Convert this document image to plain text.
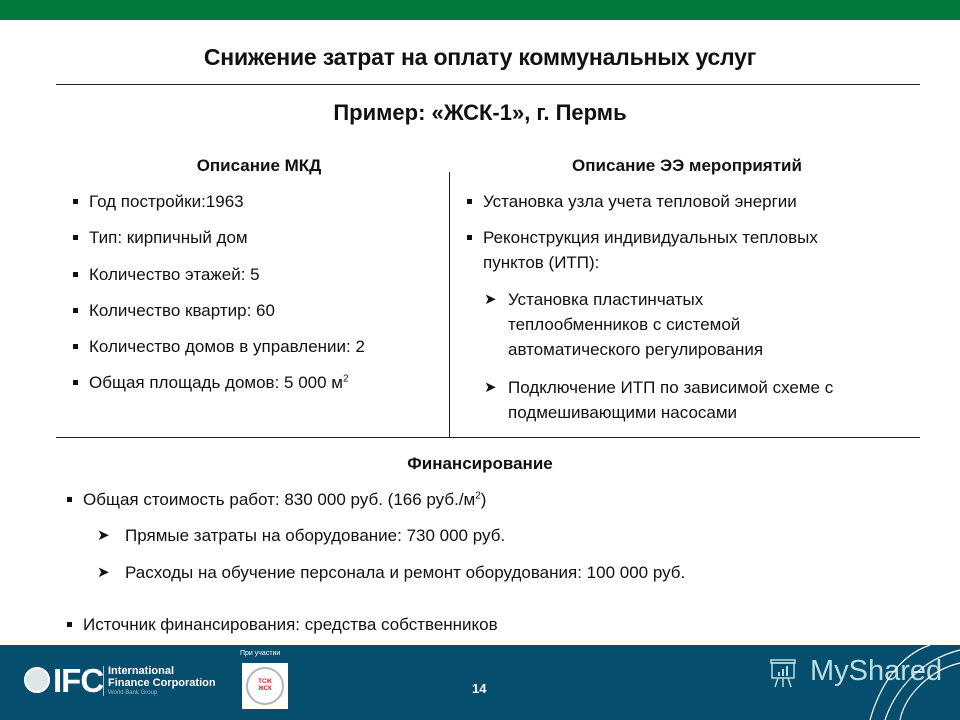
Снижение затрат на оплату коммунальных услуг
Пример: «ЖСК-1», г. Пермь
Описание МКД
Год постройки:1963
Тип: кирпичный дом
Количество этажей: 5
Количество квартир: 60
Количество домов в управлении: 2
Общая площадь домов: 5 000 $м^2$
Описание ЭЭ мероприятий
Установка узла учета тепловой энергии
Реконструкция индивидуальных тепловых
пунктов (ИТП):
➤ Установка пластинчатых
теплообменников с системой
автоматического регулирования
➤ Подключение ИТП по зависимой схеме с
подмешивающими насосами
Финансирование
Общая стоимость работ: 830 000 руб. (166 $руб./м^2$)
➤ Прямые затраты на оборудование: 730 000 руб.
➤ Расходы на обучение персонала и ремонт оборудования: 100 000 руб.
Источник финансирования: средства собственников
IFC International
Finance Corporation
World Bank Group
При участии
ТСЖ
ЖСК	14
MyShared
